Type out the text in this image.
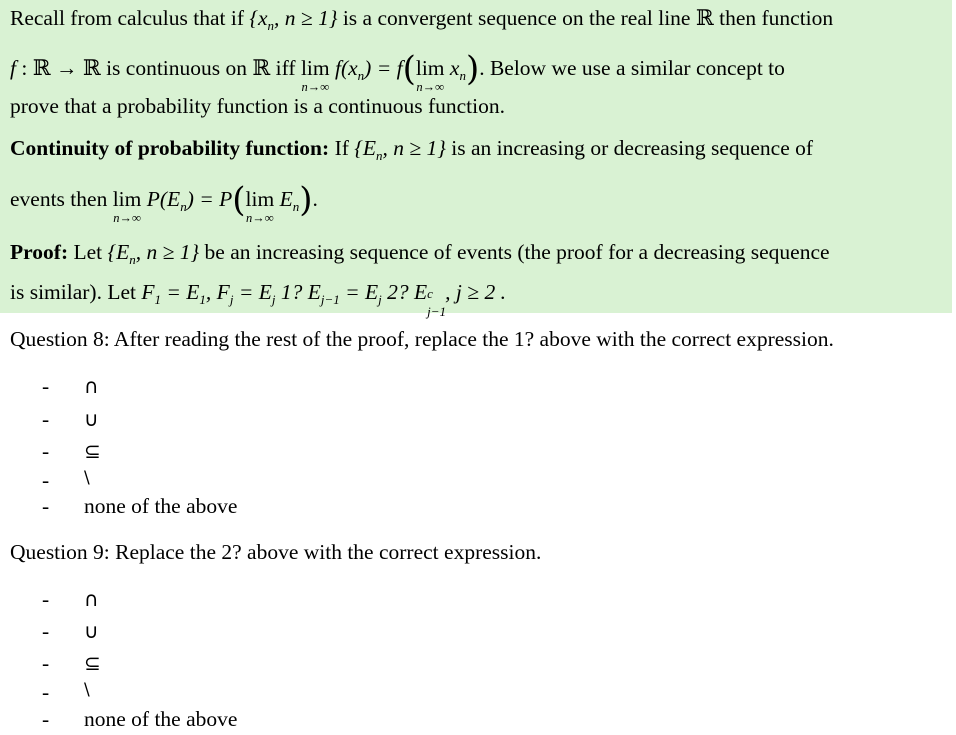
Recall from calculus that if {$x_n$, n ≥ 1} is a convergent sequence on the real line ℝ then function
f : ℝ → ℝ is continuous on ℝ iff lim
n→∞
$f(x_n) = f(\lim$
n→∞
$x_n$). Below we use a similar concept to
prove that a probability function is a continuous function.
Continuity of probability function: If {$E_n$, n ≥ 1} is an increasing or decreasing sequence of
events then lim
n→∞
$P(E_n) = P(\lim$
n→∞
$E_n$).
Proof: Let {$E_n$, n ≥ 1} be an increasing sequence of events (the proof for a decreasing sequence
is similar). Let $F_1 = E_1$, $F_j = E_j$ 1? $E_{j-1} = E_j$ 2? E c
j−1
, j ≥ 2 .
Question 8: After reading the rest of the proof, replace the 1? above with the correct expression.
- ∩
- ∪
- ⊆
- \
- none of the above
Question 9: Replace the 2? above with the correct expression.
- ∩
- ∪
- ⊆
- \
- none of the above
